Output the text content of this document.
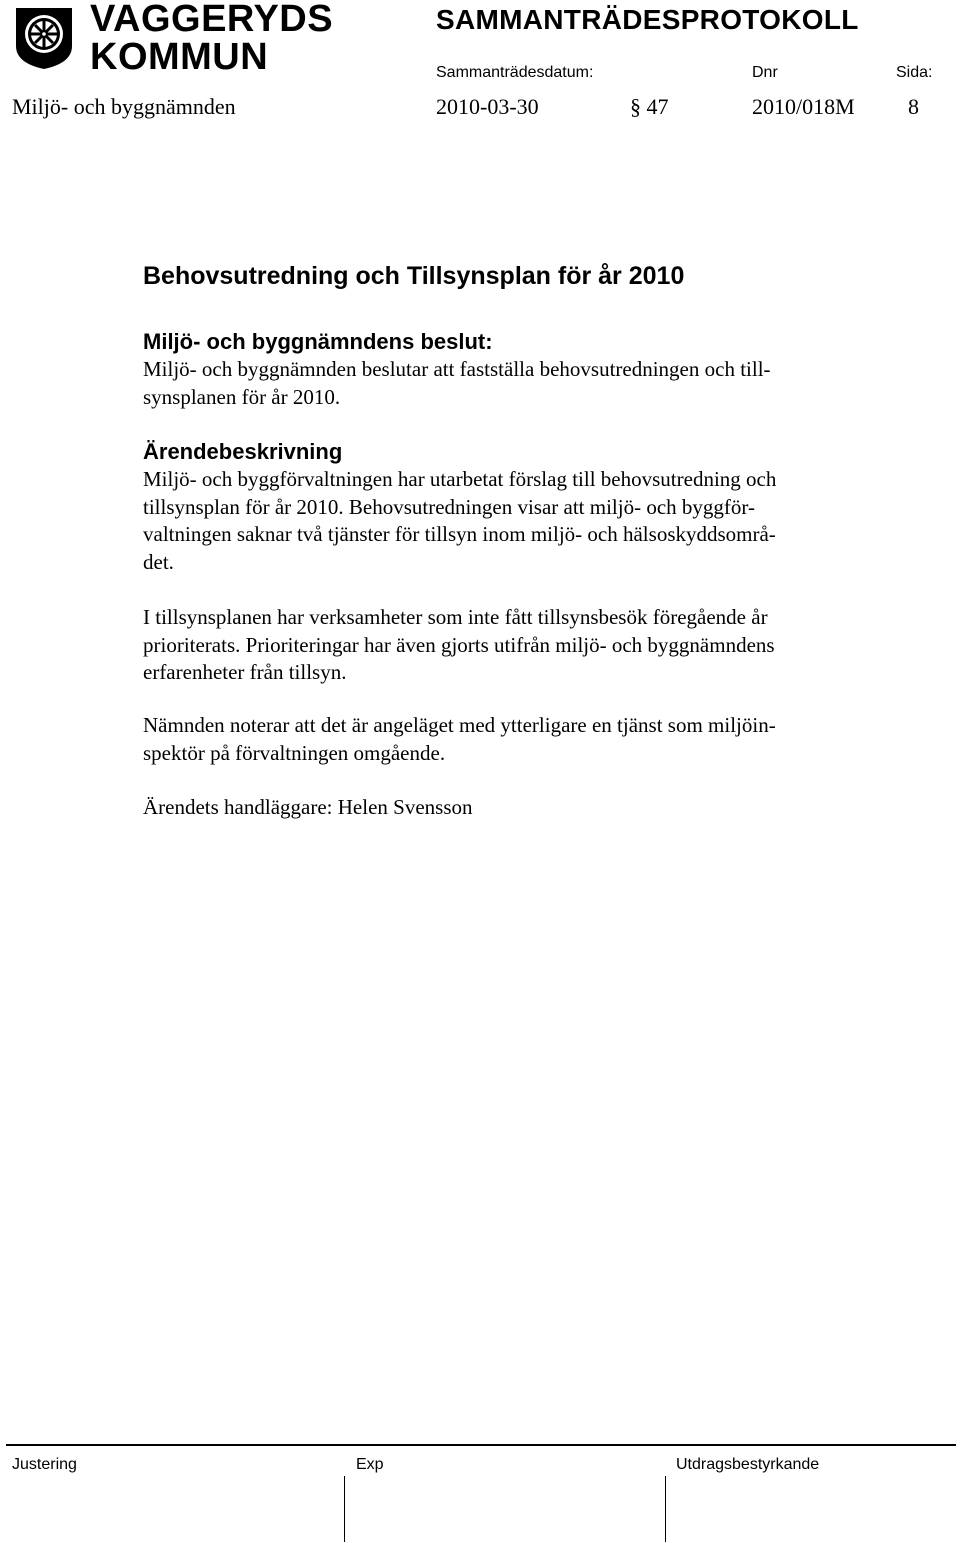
VAGGERYDS
KOMMUN
SAMMANTRÄDESPROTOKOLL
Sammanträdesdatum:	Dnr	Sida:
Miljö- och byggnämnden	2010-03-30	§ 47	2010/018M 8
Behovsutredning och Tillsynsplan för år 2010
Miljö- och byggnämndens beslut:

Miljö- och byggnämnden beslutar att fastställa behovsutredningen och till-
synsplanen för år 2010.

Ärendebeskrivning

Miljö- och byggförvaltningen har utarbetat förslag till behovsutredning och
tillsynsplan för år 2010. Behovsutredningen visar att miljö- och byggför-
valtningen saknar två tjänster för tillsyn inom miljö- och hälsoskyddsområ-
det.

I tillsynsplanen har verksamheter som inte fått tillsynsbesök föregående år
prioriterats. Prioriteringar har även gjorts utifrån miljö- och byggnämndens
erfarenheter från tillsyn.

Nämnden noterar att det är angeläget med ytterligare en tjänst som miljöin-
spektör på förvaltningen omgående.

Ärendets handläggare: Helen Svensson

Justering	Exp	Utdragsbestyrkande
